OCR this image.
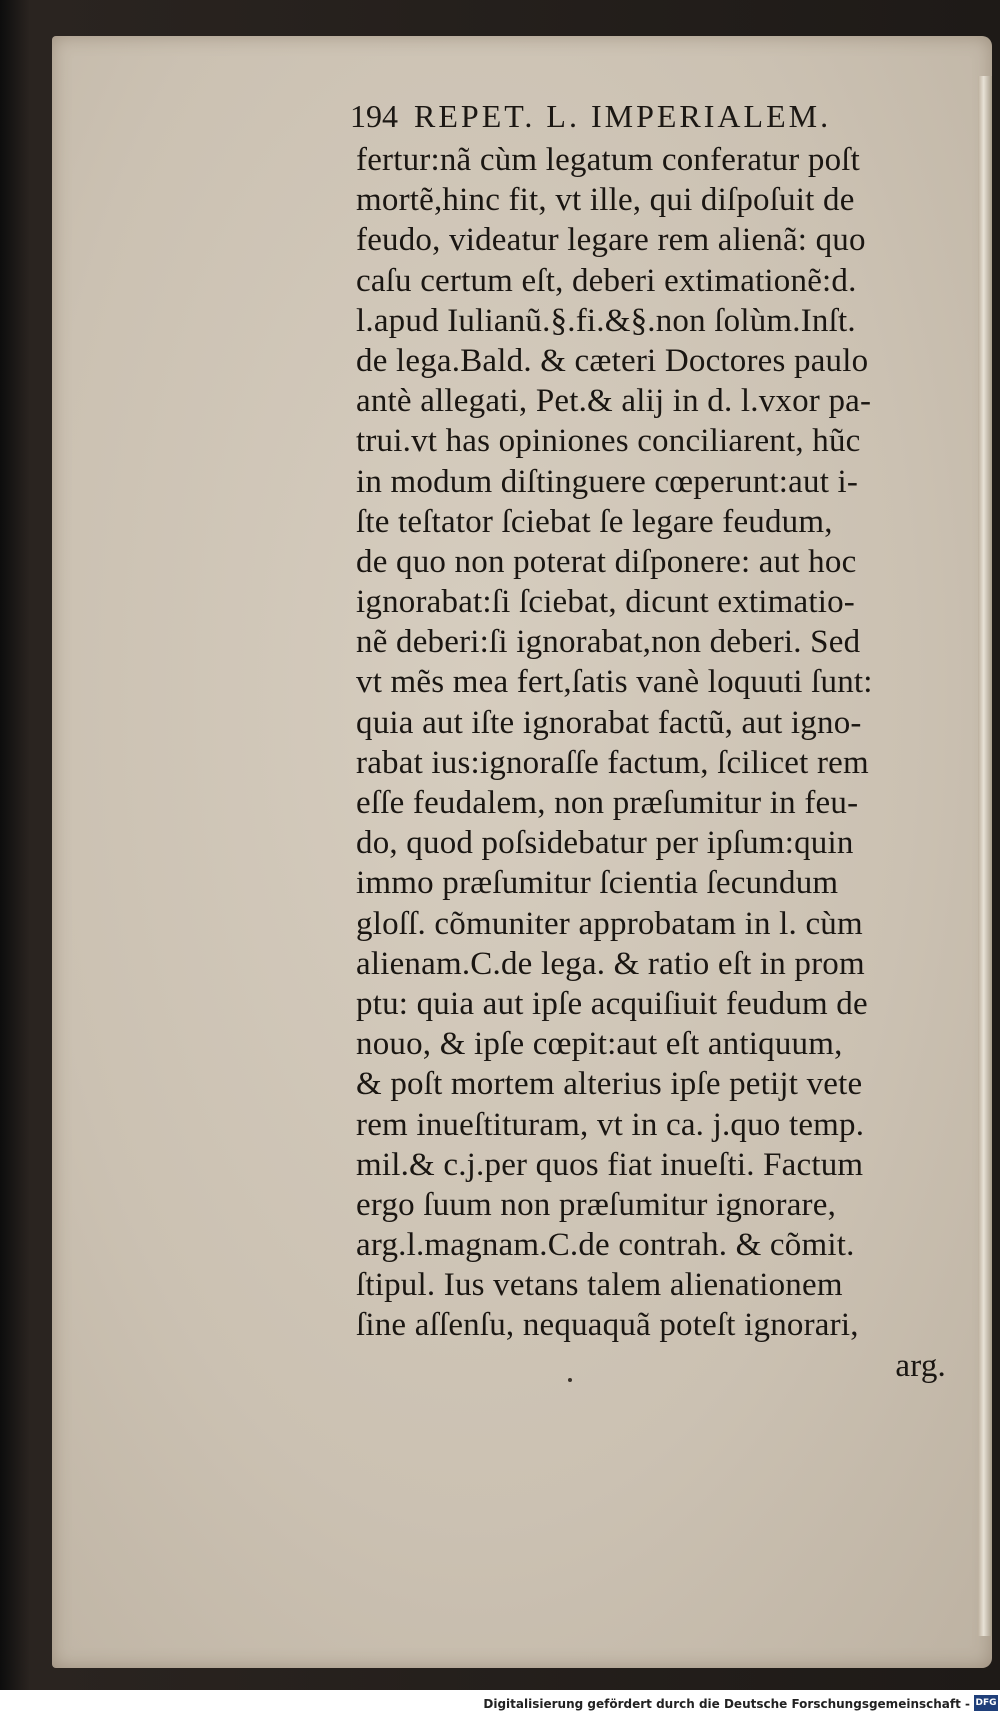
194 REPET. L. IMPERIALEM.
fertur:nã cùm legatum conferatur poſt
mortẽ,hinc fit, vt ille, qui diſpoſuit de
feudo, videatur legare rem alienã: quo
caſu certum eſt, deberi extimationẽ:d.
l.apud Iulianũ.§.fi.&§.non ſolùm.Inſt.
de lega.Bald. & cæteri Doctores paulo
antè allegati, Pet.& alij in d. l.vxor pa-
trui.vt has opiniones conciliarent, hũc
in modum diſtinguere cœperunt:aut i-
ſte teſtator ſciebat ſe legare feudum,
de quo non poterat diſponere: aut hoc
ignorabat:ſi ſciebat, dicunt extimatio-
nẽ deberi:ſi ignorabat,non deberi. Sed
vt mẽs mea fert,ſatis vanè loquuti ſunt:
quia aut iſte ignorabat factũ, aut igno-
rabat ius:ignoraſſe factum, ſcilicet rem
eſſe feudalem, non præſumitur in feu-
do, quod poſsidebatur per ipſum:quin
immo præſumitur ſcientia ſecundum
gloſſ. cõmuniter approbatam in l. cùm
alienam.C.de lega. & ratio eſt in prom
ptu: quia aut ipſe acquiſiuit feudum de
nouo, & ipſe cœpit:aut eſt antiquum,
& poſt mortem alterius ipſe petijt vete
rem inueſtituram, vt in ca. j.quo temp.
mil.& c.j.per quos fiat inueſti. Factum
ergo ſuum non præſumitur ignorare,
arg.l.magnam.C.de contrah. & cõmit.
ſtipul. Ius vetans talem alienationem
ſine aſſenſu, nequaquã poteſt ignorari,
arg.
Digitalisierung gefördert durch die Deutsche Forschungsgemeinschaft - DFG
